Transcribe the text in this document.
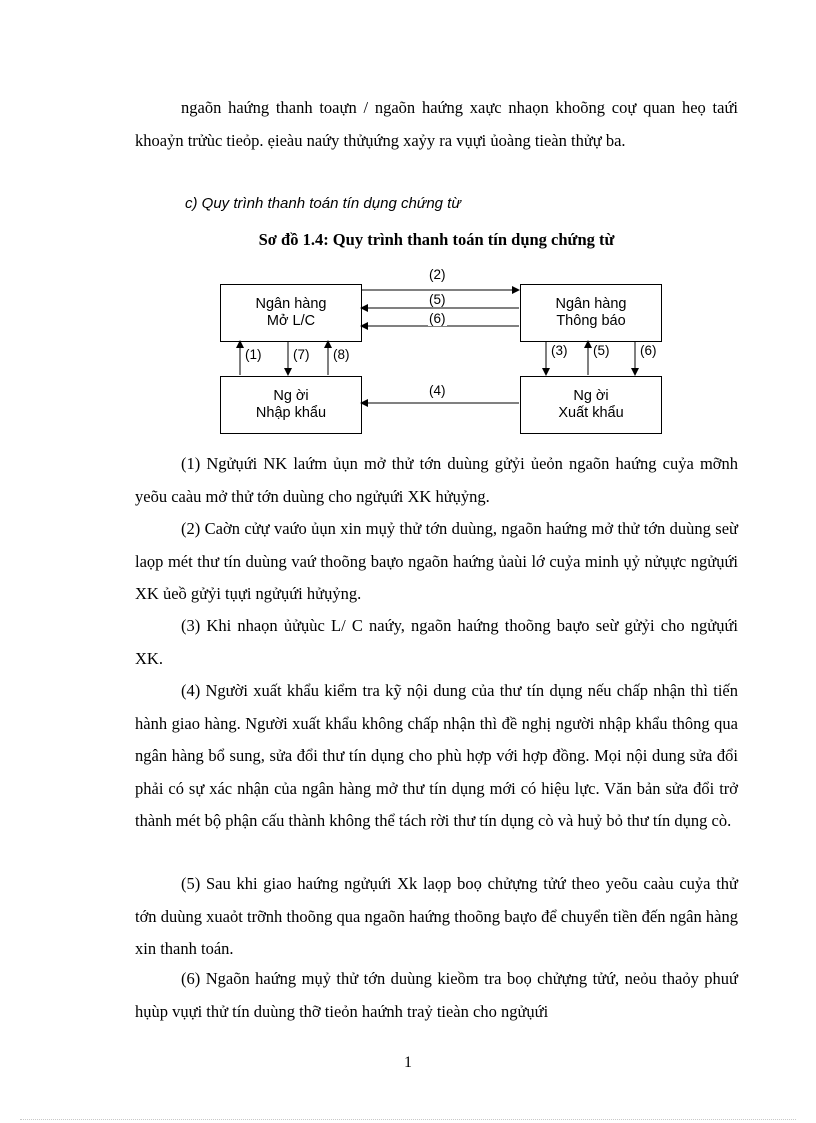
ngaõn haứng thanh toaựn / ngaõn haứng xaực nhaọn khoõng coự quan heọ taứi khoaỷn trửùc tieỏp. ẹieàu naứy thửụứng xaỷy ra vụựi ủoàng tieàn thửự ba.

c) Quy trình thanh toán tín dụng chứng từ

Sơ đồ 1.4: Quy trình thanh toán tín dụng chứng từ

Ngân hàng
Mở L/C
Ngân hàng
Thông báo
Ng ời
Nhập khẩu
Ng ời
Xuất khẩu
(2)
(5)
(6)
(4)
(1) (7) (8)	(3) (5) (6)

(1) Ngửụứi NK laứm ủụn mở thử tớn duùng gửỷi ủeỏn ngaõn haứng cuỷa mỡnh yeõu caàu mở thử tớn duùng cho ngửụứi XK hửụỷng.

(2) Caờn cửự vaứo ủụn xin mụỷ thử tớn duùng, ngaõn haứng mở thử tớn duùng seừ laọp mét thư tín duùng vaứ thoõng baựo ngaõn haứng ủaùi lớ cuỷa minh ụỷ nửụực ngửụứi XK ủeồ gửỷi tụựi ngửụứi hửụỷng.

(3) Khi nhaọn ủửụùc L/ C naứy, ngaõn haứng thoõng baựo seừ gửỷi cho ngửụứi XK.

(4) Người xuất khẩu kiểm tra kỹ nội dung của thư tín dụng nếu chấp nhận thì tiến hành giao hàng. Người xuất khẩu không chấp nhận thì đề nghị người nhập khẩu thông qua ngân hàng bổ sung, sửa đổi thư tín dụng cho phù hợp với hợp đồng. Mọi nội dung sửa đổi phải có sự xác nhận của ngân hàng mở thư tín dụng mới có hiệu lực. Văn bản sửa đổi trở thành mét bộ phận cấu thành không thể tách rời thư tín dụng cò và huỷ bỏ thư tín dụng cò.

(5) Sau khi giao haứng ngửụứi Xk laọp boọ chửựng tửứ theo yeõu caàu cuỷa thử tớn duùng xuaỏt trỡnh thoõng qua ngaõn haứng thoõng baựo để chuyển tiền đến ngân hàng xin thanh toán.

(6) Ngaõn haứng mụỷ thử tớn duùng kieồm tra boọ chửựng tửứ, neỏu thaỏy phuứ hụùp vụựi thử tín duùng thỡ tieỏn haứnh traỷ tieàn cho ngửụứi

1
